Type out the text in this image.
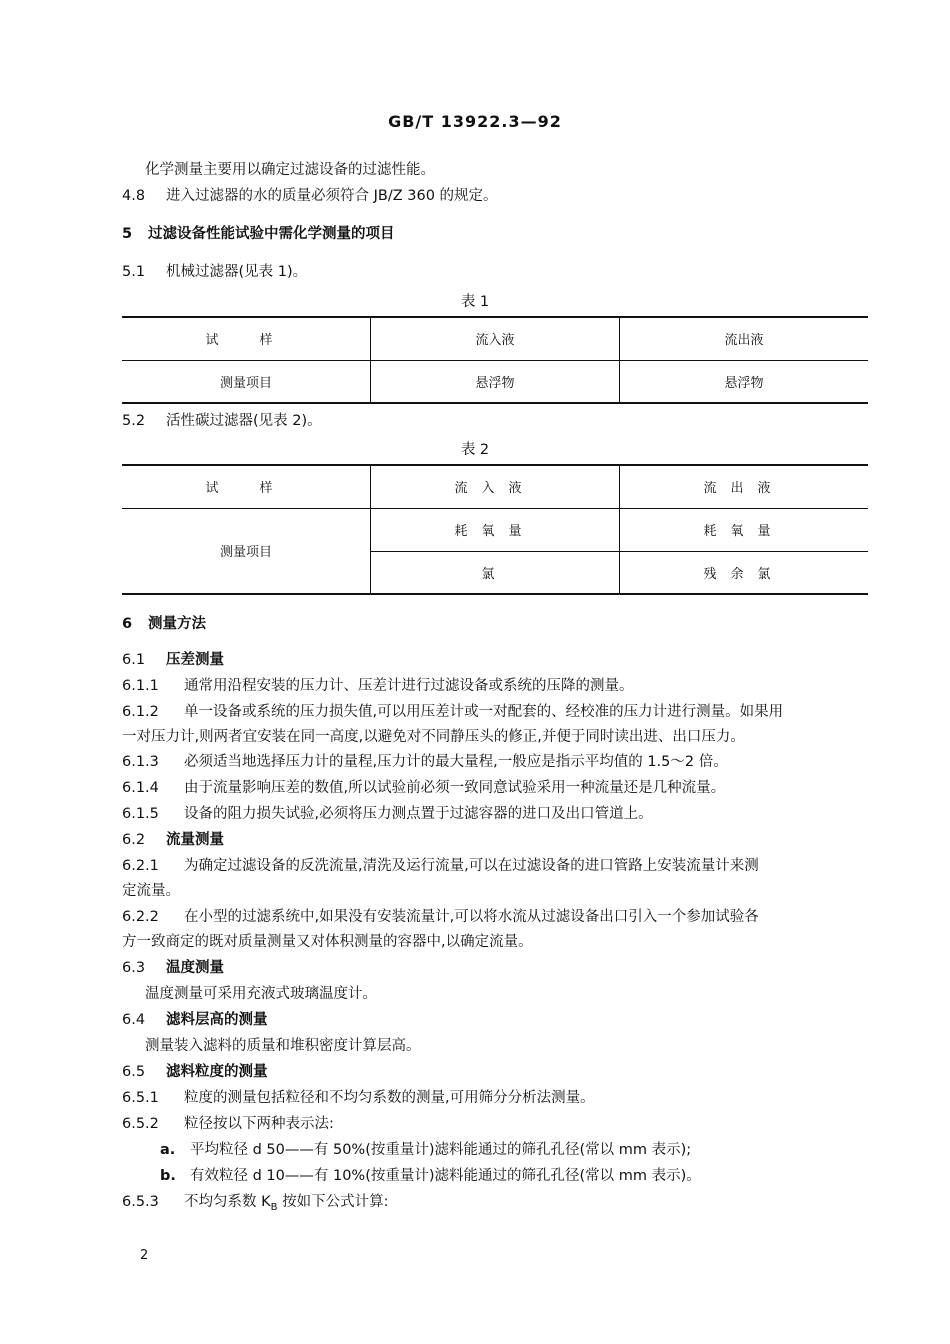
GB/T 13922.3—92
化学测量主要用以确定过滤设备的过滤性能。
4.8 进入过滤器的水的质量必须符合 JB/Z 360 的规定。
5 过滤设备性能试验中需化学测量的项目
5.1 机械过滤器(见表 1)。
表 1
试　样	流入液	流出液
测量项目	悬浮物	悬浮物
5.2 活性碳过滤器(见表 2)。
表 2
试　样	流入液	流出液
测量项目	耗氧量	耗氧量
	氯	残余氯
6 测量方法
6.1 压差测量
6.1.1 通常用沿程安装的压力计、压差计进行过滤设备或系统的压降的测量。
6.1.2 单一设备或系统的压力损失值,可以用压差计或一对配套的、经校准的压力计进行测量。如果用
一对压力计,则两者宜安装在同一高度,以避免对不同静压头的修正,并便于同时读出进、出口压力。
6.1.3 必须适当地选择压力计的量程,压力计的最大量程,一般应是指示平均值的 1.5～2 倍。
6.1.4 由于流量影响压差的数值,所以试验前必须一致同意试验采用一种流量还是几种流量。
6.1.5 设备的阻力损失试验,必须将压力测点置于过滤容器的进口及出口管道上。
6.2 流量测量
6.2.1 为确定过滤设备的反洗流量,清洗及运行流量,可以在过滤设备的进口管路上安装流量计来测
定流量。
6.2.2 在小型的过滤系统中,如果没有安装流量计,可以将水流从过滤设备出口引入一个参加试验各
方一致商定的既对质量测量又对体积测量的容器中,以确定流量。
6.3 温度测量
温度测量可采用充液式玻璃温度计。
6.4 滤料层高的测量
测量装入滤料的质量和堆积密度计算层高。
6.5 滤料粒度的测量
6.5.1 粒度的测量包括粒径和不均匀系数的测量,可用筛分分析法测量。
6.5.2 粒径按以下两种表示法:
a. 平均粒径 d 50——有 50%(按重量计)滤料能通过的筛孔孔径(常以 mm 表示);
b. 有效粒径 d 10——有 10%(按重量计)滤料能通过的筛孔孔径(常以 mm 表示)。
6.5.3 不均匀系数 $K_B$ 按如下公式计算:
2
